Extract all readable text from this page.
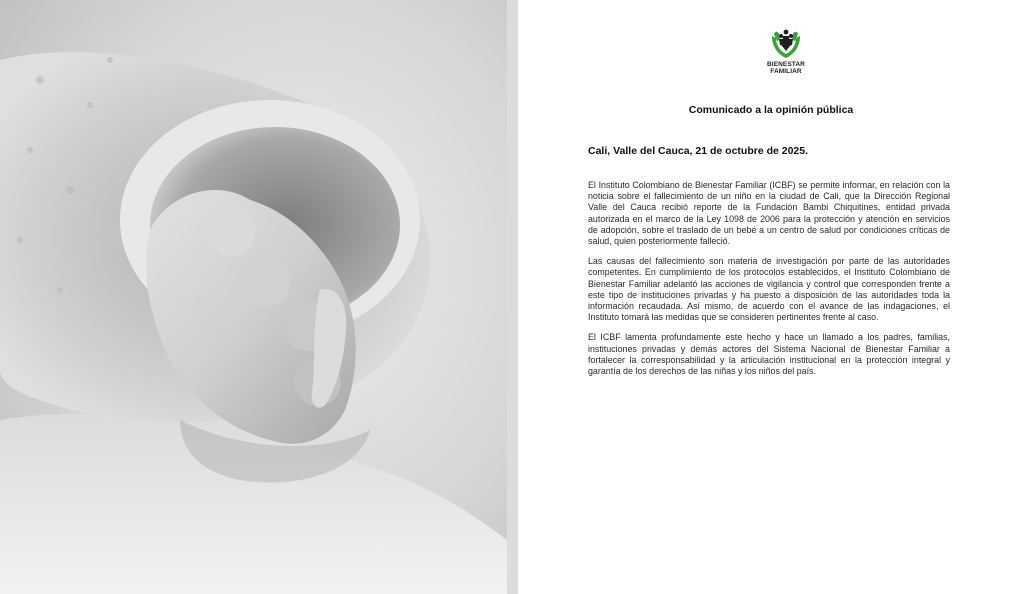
BIENESTAR
FAMILIAR
Comunicado a la opinión pública
Cali, Valle del Cauca, 21 de octubre de 2025.

El Instituto Colombiano de Bienestar Familiar (ICBF) se permite informar, en relación con la noticia sobre el fallecimiento de un niño en la ciudad de Cali, que la Dirección Regional Valle del Cauca recibió reporte de la Fundación Bambi Chiquitines, entidad privada autorizada en el marco de la Ley 1098 de 2006 para la protección y atención en servicios de adopción, sobre el traslado de un bebé a un centro de salud por condiciones críticas de salud, quien posteriormente falleció.

Las causas del fallecimiento son materia de investigación por parte de las autoridades competentes. En cumplimiento de los protocolos establecidos, el Instituto Colombiano de Bienestar Familiar adelantó las acciones de vigilancia y control que corresponden frente a este tipo de instituciones privadas y ha puesto a disposición de las autoridades toda la información recaudada. Así mismo, de acuerdo con el avance de las indagaciones, el Instituto tomará las medidas que se consideren pertinentes frente al caso.

El ICBF lamenta profundamente este hecho y hace un llamado a los padres, familias, instituciones privadas y demás actores del Sistema Nacional de Bienestar Familiar a fortalecer la corresponsabilidad y la articulación institucional en la protección integral y garantía de los derechos de las niñas y los niños del país.
